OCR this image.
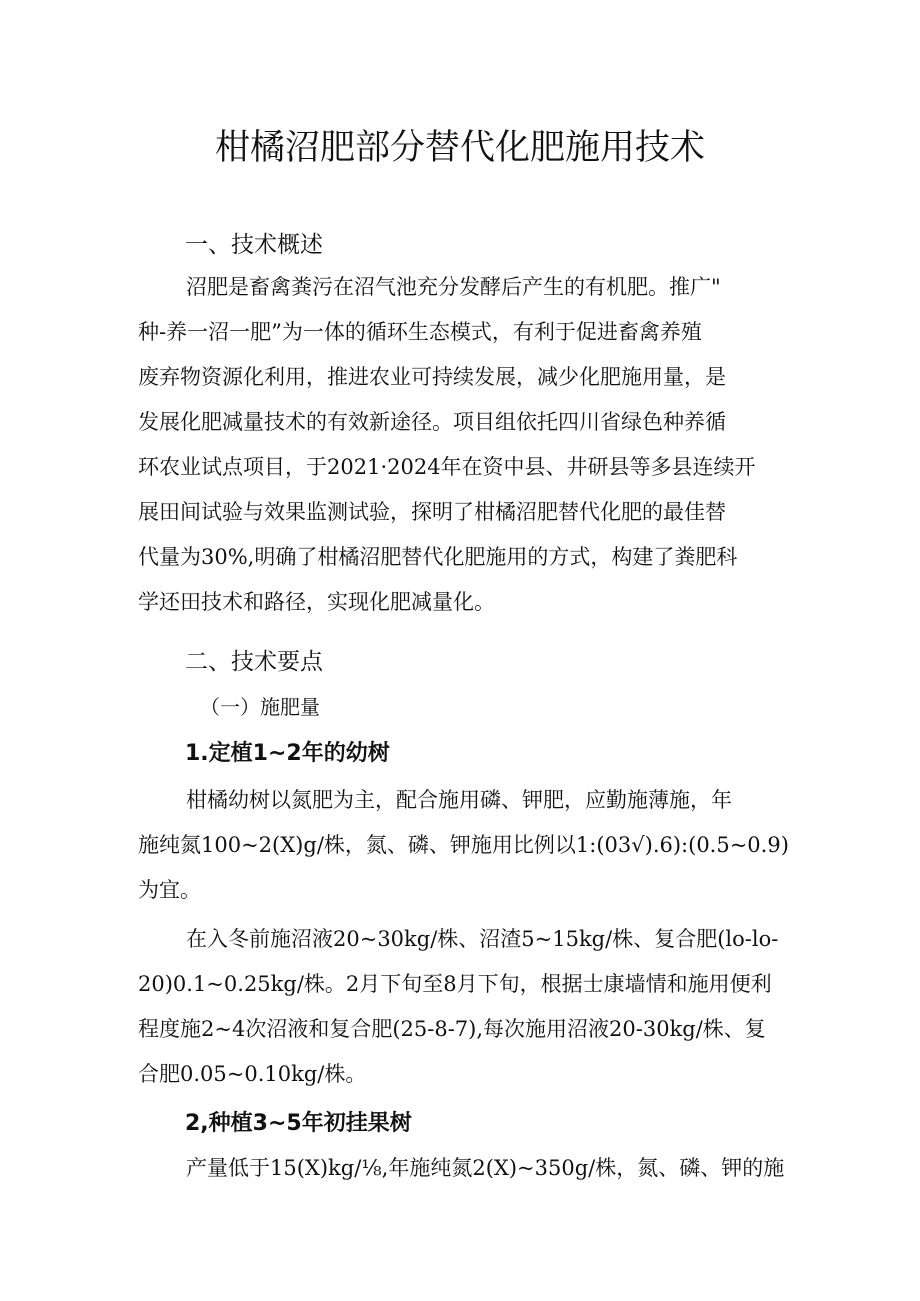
柑橘沼肥部分替代化肥施用技术
一、技术概述
沼肥是畜禽粪污在沼气池充分发酵后产生的有机肥。推广"
种-养一沼一肥”为一体的循环生态模式，有利于促进畜禽养殖
废弃物资源化利用，推进农业可持续发展，减少化肥施用量，是
发展化肥减量技术的有效新途径。项目组依托四川省绿色种养循
环农业试点项目，于2021·2024年在资中县、井研县等多县连续开
展田间试验与效果监测试验，探明了柑橘沼肥替代化肥的最佳替
代量为30%,明确了柑橘沼肥替代化肥施用的方式，构建了粪肥科
学还田技术和路径，实现化肥减量化。
二、技术要点
（一）施肥量
1.定植1~2年的幼树
柑橘幼树以氮肥为主，配合施用磷、钾肥，应勤施薄施，年
施纯氮100~2(X)g/株，氮、磷、钾施用比例以1:(03√).6):(0.5~0.9)
为宜。
在入冬前施沼液20~30kg/株、沼渣5~15kg/株、复合肥(lo-lo-
20)0.1~0.25kg/株。2月下旬至8月下旬，根据士康墙情和施用便利
程度施2~4次沼液和复合肥(25-8-7),每次施用沼液20-30kg/株、复
合肥0.05~0.10kg/株。
2,种植3~5年初挂果树
产量低于15(X)kg/⅛,年施纯氮2(X)~350g/株，氮、磷、钾的施
